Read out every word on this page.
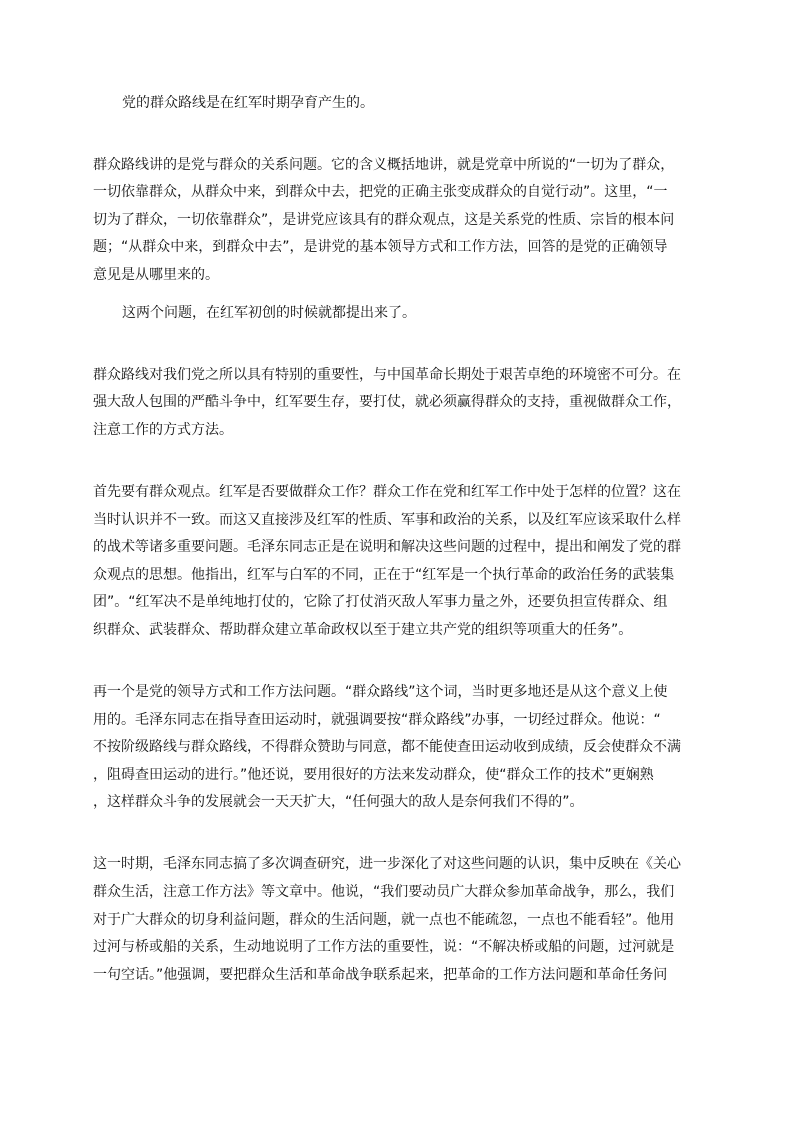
党的群众路线是在红军时期孕育产生的。

群众路线讲的是党与群众的关系问题。它的含义概括地讲，就是党章中所说的“一切为了群众，

一切依靠群众，从群众中来，到群众中去，把党的正确主张变成群众的自觉行动”。这里，“一

切为了群众，一切依靠群众”，是讲党应该具有的群众观点，这是关系党的性质、宗旨的根本问

题；“从群众中来，到群众中去”，是讲党的基本领导方式和工作方法，回答的是党的正确领导

意见是从哪里来的。

这两个问题，在红军初创的时候就都提出来了。

群众路线对我们党之所以具有特别的重要性，与中国革命长期处于艰苦卓绝的环境密不可分。在

强大敌人包围的严酷斗争中，红军要生存，要打仗，就必须赢得群众的支持，重视做群众工作，

注意工作的方式方法。

首先要有群众观点。红军是否要做群众工作？群众工作在党和红军工作中处于怎样的位置？这在

当时认识并不一致。而这又直接涉及红军的性质、军事和政治的关系，以及红军应该采取什么样

的战术等诸多重要问题。毛泽东同志正是在说明和解决这些问题的过程中，提出和阐发了党的群

众观点的思想。他指出，红军与白军的不同，正在于“红军是一个执行革命的政治任务的武装集

团”。“红军决不是单纯地打仗的，它除了打仗消灭敌人军事力量之外，还要负担宣传群众、组

织群众、武装群众、帮助群众建立革命政权以至于建立共产党的组织等项重大的任务”。

再一个是党的领导方式和工作方法问题。“群众路线”这个词，当时更多地还是从这个意义上使

用的。毛泽东同志在指导查田运动时，就强调要按“群众路线”办事，一切经过群众。他说：“

不按阶级路线与群众路线，不得群众赞助与同意，都不能使查田运动收到成绩，反会使群众不满

，阻碍查田运动的进行。”他还说，要用很好的方法来发动群众，使“群众工作的技术”更娴熟

，这样群众斗争的发展就会一天天扩大，“任何强大的敌人是奈何我们不得的”。

这一时期，毛泽东同志搞了多次调查研究，进一步深化了对这些问题的认识，集中反映在《关心

群众生活，注意工作方法》等文章中。他说，“我们要动员广大群众参加革命战争，那么，我们

对于广大群众的切身利益问题，群众的生活问题，就一点也不能疏忽，一点也不能看轻”。他用

过河与桥或船的关系，生动地说明了工作方法的重要性，说：“不解决桥或船的问题，过河就是

一句空话。”他强调，要把群众生活和革命战争联系起来，把革命的工作方法问题和革命任务问
